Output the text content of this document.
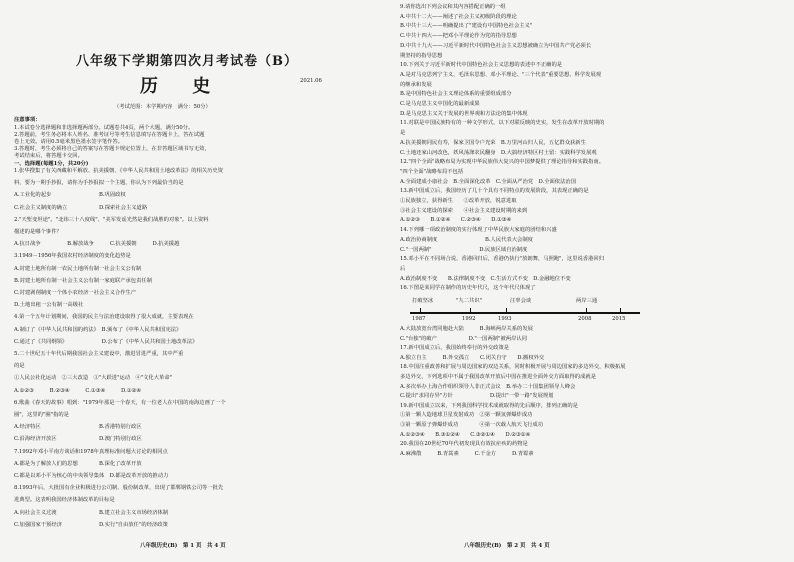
八年级下学期第四次月考试卷（B）
历 史	2021.06
（考试范围：本学期内容　满分：50分）
注意事项：
1.本试卷分选择题和非选择题两部分。试题卷共4页，两个大题，满分50分。
2.答题前，考生务必将本人姓名、准考证号等考生信息填写在答题卡上，答在试题
卷上无效。请用0.5毫米黑色墨水签字笔作答。
3.答题时，考生必须将自己的答案写在答题卡规定位置上，在非答题区域书写无效，
考试结束后，将答题卡交回。
一、选择题(每题1分，共20分)
1.张华搜集了有关西藏和平解放、抗美援朝、《中华人民共和国土地改革法》的相关历史资
料，要为一期手抄报，请你为手抄报拟一个主题，你认为下列最恰当的是
A.工业化的起步　　　　　　　　　B.巩固政权
C.社会主义制度的确立　　　　　　D.探索社会主义道路
2."天堑变坦途"。"北纬三十八度线"、"美军发谣光然是我们战胜的对象"。以上资料
描述的是哪个事件？
A.抗日战争　　　　　B.解放战争　　　C.抗美援朝　　　D.抗美援越
3.1949－1956年我国农村经济制度的变化趋势是
A.封建土地所有制一农民土地所有制一社会主义公有制
B.封建土地所有制一社会主义公有制一家庭联产承包责任制
C.封建剥削制度一个体小农经济一社会主义合作生产
D.土地出租一公有制一高级社
4.第一个五年计划期间，我国的民主与法治建设取得了很大成就，主要表现在
A.制订了《中华人民共和国的约法》　B.颁布了《中华人民共和国宪法》
C.通过了《共同纲领》　　　　　　　D.公布了《中华人民共和国土地改革法》
5.二十世纪五十年代后期我国社会主义建设中，激进冒进严重，其中严重
的是
①人民公社化运动　②三大改造　③"大跃进"运动　④"文化大革命"
A.①②③　　　B.②③④　　　C.①③④　　　D.①②④
6.歌曲《春天的故事》唱到："1979年那是一个春天，有一位老人在中国的南海边画了一个
圈"，这里的"圈"指的是
A.经济特区　　　　　　　　　　　B.香港特别行政区
C.沿海经济开放区　　　　　　　　D.澳门特别行政区
7.1992年邓小平南方谈话和1978年真理标准问题大讨论的相同点
A.都是为了解放人们的思想　　　　B.深化了改革开放
C.都是以邓小平为核心的中央领导集体　D.都是改革开放的推动力
8.1993年后，大批国有企业积极进行公司制、股份制改革，出现了邯郸钢铁公司等一批先
进典型。这表明我国经济体制改革的目标是
A.向社会主义过渡　　　　　　　　B.建立社会主义市场经济体制
C.加强国家干预经济　　　　　　　D.实行"自由放任"的经济政策
八年级历史(B)　第 1 页　共 4 页
9.请你选出下列会议和其内容搭配正确的一组
A.中共十二大——阐述了社会主义初级阶段的理论
B.中共十三大——明确提出了"建设有中国特色社会主义"
C.中共十四大——把邓小平理论作为党的指导思想
D.中共十九大——习近平新时代中国特色社会主义思想被确立为中国共产党必须长
期坚持的指导思想
10.下列关于习近平新时代中国特色社会主义思想的表述中不正确的是
A.是对马克思列宁主义、毛泽东思想、邓小平理论、"三个代表"重要思想、科学发展观
的继承和发展
B.是中国特色社会主义理论体系的重要组成部分
C.是马克思主义中国化的最新成果
D.是马克思主义关于发展的世界观和方法论的集中体现
11.对联是中国民族特有的一种文学形式，以下对联反映的史实，发生在改革开放时期的
是
A.抗美援朝同民有寿，保家卫国令户光荣　B.万里河山归人民，五亿群众获新生
C.土地还家山河改色，妖风荡涤农民翻身　D.大搞经济特区村土留：实践科学发展观
12."四个全面"战略布局为实现中华民族伟大复兴的中国梦提供了理论指导和实践指南。
"四个全面"战略布局不包括
A.全面建成小康社会　B.全面深化改革　C.全面从严治党　D.全面依法治国
13.新中国成立后，我国经历了几十个具有不同特点的发展阶段，其表现正确的是
①民族独立，获得新生　　②改革开放，锐意进取
③社会主义建设的探索　　④社会主义建设时期的来到
A.①②③　　B.①②④　　C.②③④　　D.①③④
14.下列哪一项政治制度的实行体现了中华民族大家庭的团结和兴盛
A.政治协商制度　　　　　　　　　B.人民代表大会制度
C."一国两制"　　　　　　　　　D.民族区域自治制度
15.邓小平在不同场合说，香港回归后，香港仍执行"放朗舞，马照跑"，这里说香港回归
后
A.政治制度不变　　B.法律制度不变　C.生活方式不变　D.金融地位不变
16.下图是某同学在制作的历史年代尺，这个年代尺体现了
打破坚冰	"九二共识"	汪辜会谈	两岸三通
1987	1992	1993	2008	2015
A.大陆放宽台湾同胞赴大陆　　　B.海峡两岸关系的发展
C."台独"的破产　　　　　　D."一国两制"被两岸认同
17.新中国成立后，我国始终奉行的外交政策是
A.独立自主　　　B.外交孤立　　C.闭关自守　　D.搬权外交
18.中国注重政善和扩展与周边国家的双边关系，同时积极开展与周边国家的多边外交，积极拓展
多边外交，下列选项中不属于我国改革开放后中国在推进全面外交方面取得的成就是
A.多次举办上海合作组织领导人非正式会议　B.举办二十国集团领导人峰会
C.提出"求同存异"方针　　　　　　　D.提出"一带一路"发展规划
19.新中国成立以来，下列我国科学技术成就取得的先后顺序，排列正确的是
①第一颗人造地球卫星发射成功　②第一颗氢弹爆炸成功
③第一颗原子弹爆炸成功　　　　④第一次载人航天飞行成功
A.①②③④　　B.③①②④　　C.③②①④　　D.②③①④
20.我国在20世纪70年代初发现具有效抗疟疾的药物是
A.麻沸散　　　B.青蒿素　　　C.千金方　　　D.青霉素
八年级历史(B)　第 2 页　共 4 页
